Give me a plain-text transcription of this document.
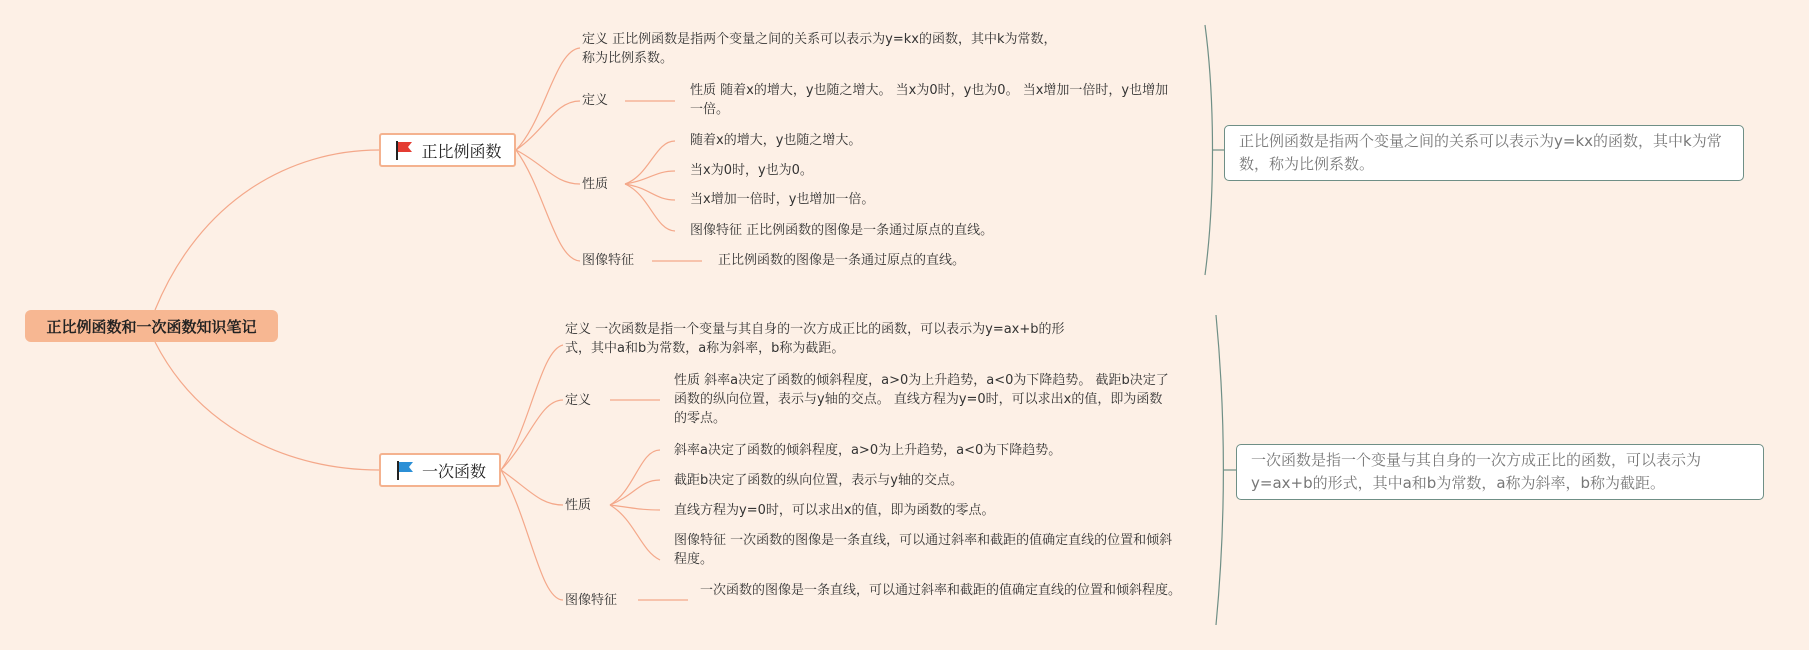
正比例函数和一次函数知识笔记
正比例函数
定义 正比例函数是指两个变量之间的关系可以表示为y=kx的函数，其中k为常数，称为比例系数。
定义
性质 随着x的增大，y也随之增大。 当x为0时，y也为0。 当x增加一倍时，y也增加一倍。
性质
随着x的增大，y也随之增大。
当x为0时，y也为0。
当x增加一倍时，y也增加一倍。
图像特征 正比例函数的图像是一条通过原点的直线。
图像特征	正比例函数的图像是一条通过原点的直线。
正比例函数是指两个变量之间的关系可以表示为y=kx的函数，其中k为常数，称为比例系数。
一次函数
定义 一次函数是指一个变量与其自身的一次方成正比的函数，可以表示为y=ax+b的形式，其中a和b为常数，a称为斜率，b称为截距。
定义
性质 斜率a决定了函数的倾斜程度，a>0为上升趋势，a<0为下降趋势。 截距b决定了函数的纵向位置，表示与y轴的交点。 直线方程为y=0时，可以求出x的值，即为函数的零点。
性质
斜率a决定了函数的倾斜程度，a>0为上升趋势，a<0为下降趋势。
截距b决定了函数的纵向位置，表示与y轴的交点。
直线方程为y=0时，可以求出x的值，即为函数的零点。
图像特征 一次函数的图像是一条直线，可以通过斜率和截距的值确定直线的位置和倾斜程度。
图像特征
一次函数的图像是一条直线，可以通过斜率和截距的值确定直线的位置和倾斜程度。
一次函数是指一个变量与其自身的一次方成正比的函数，可以表示为y=ax+b的形式，其中a和b为常数，a称为斜率，b称为截距。
